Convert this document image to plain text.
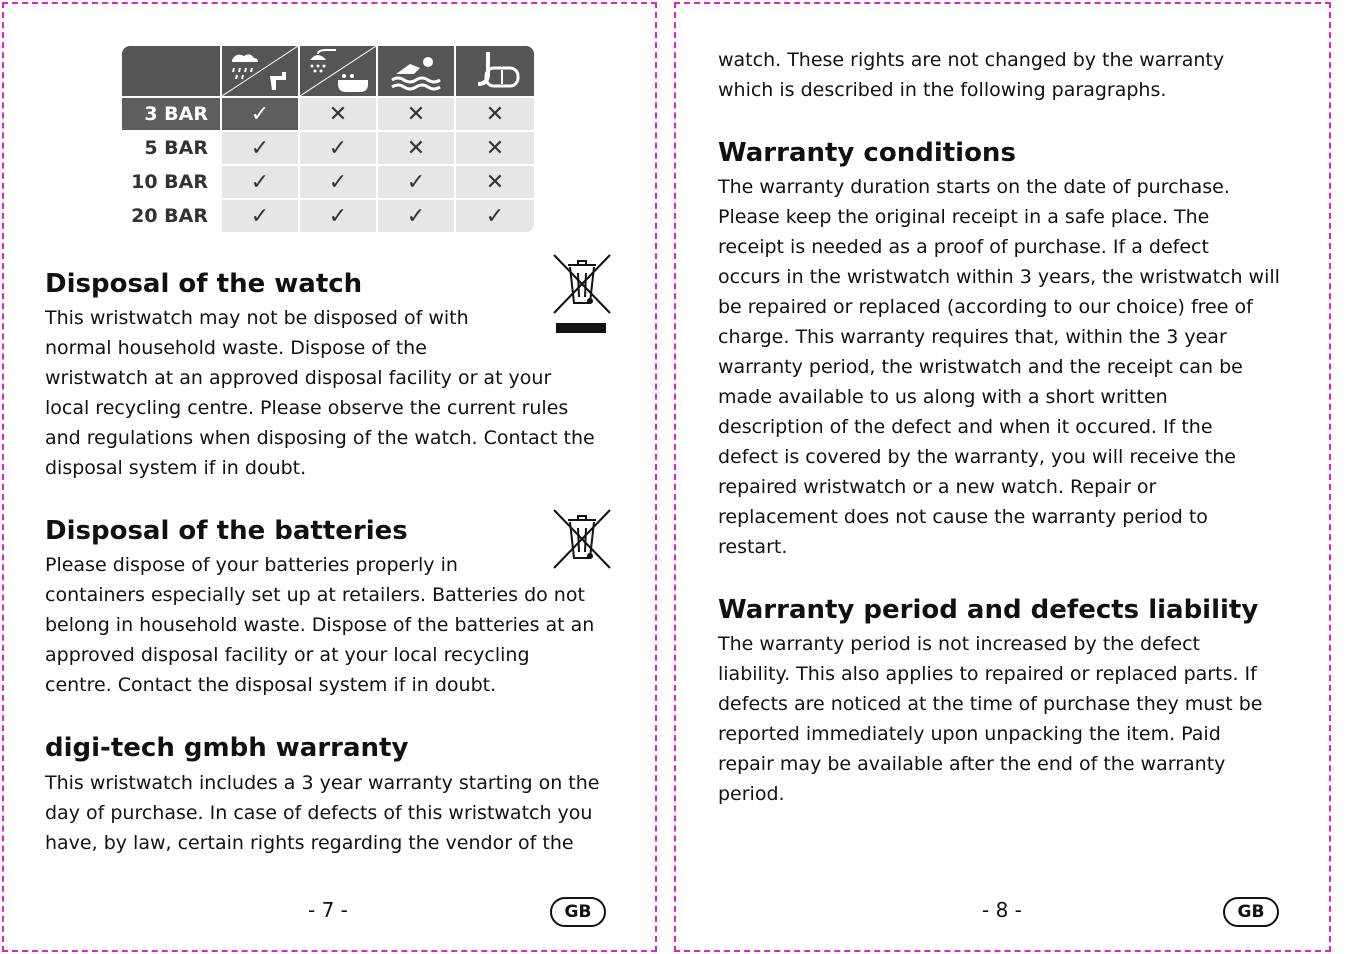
3 BAR	✓	✕	✕	✕
5 BAR	✓	✓	✕	✕
10 BAR	✓	✓	✓	✕
20 BAR	✓	✓	✓	✓
Disposal of the watch
This wristwatch may not be disposed of with
normal household waste. Dispose of the
wristwatch at an approved disposal facility or at your
local recycling centre. Please observe the current rules
and regulations when disposing of the watch. Contact the
disposal system if in doubt.
Disposal of the batteries
Please dispose of your batteries properly in
containers especially set up at retailers. Batteries do not
belong in household waste. Dispose of the batteries at an
approved disposal facility or at your local recycling
centre. Contact the disposal system if in doubt.
digi-tech gmbh warranty
This wristwatch includes a 3 year warranty starting on the
day of purchase. In case of defects of this wristwatch you
have, by law, certain rights regarding the vendor of the
- 7 -	GB
watch. These rights are not changed by the warranty
which is described in the following paragraphs.
Warranty conditions
The warranty duration starts on the date of purchase.
Please keep the original receipt in a safe place. The
receipt is needed as a proof of purchase. If a defect
occurs in the wristwatch within 3 years, the wristwatch will
be repaired or replaced (according to our choice) free of
charge. This warranty requires that, within the 3 year
warranty period, the wristwatch and the receipt can be
made available to us along with a short written
description of the defect and when it occured. If the
defect is covered by the warranty, you will receive the
repaired wristwatch or a new watch. Repair or
replacement does not cause the warranty period to
restart.
Warranty period and defects liability
The warranty period is not increased by the defect
liability. This also applies to repaired or replaced parts. If
defects are noticed at the time of purchase they must be
reported immediately upon unpacking the item. Paid
repair may be available after the end of the warranty
period.
- 8 -	GB
